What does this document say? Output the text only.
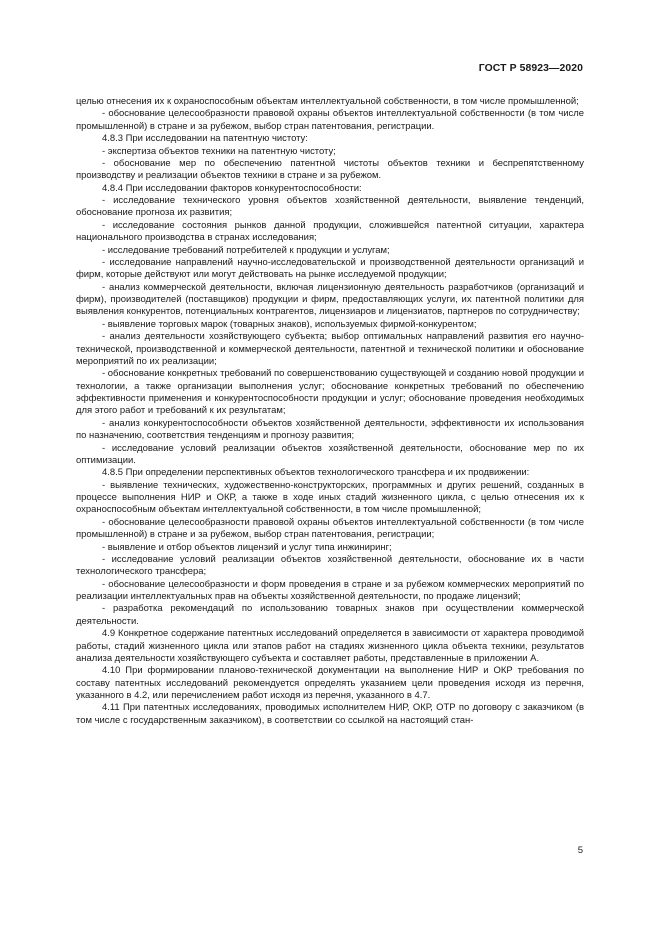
ГОСТ Р 58923—2020

целью отнесения их к охраноспособным объектам интеллектуальной собственности, в том числе промышленной;

- обоснование целесообразности правовой охраны объектов интеллектуальной собственности (в том числе промышленной) в стране и за рубежом, выбор стран патентования, регистрации.

4.8.3 При исследовании на патентную чистоту:

- экспертиза объектов техники на патентную чистоту;

- обоснование мер по обеспечению патентной чистоты объектов техники и беспрепятственному производству и реализации объектов техники в стране и за рубежом.

4.8.4 При исследовании факторов конкурентоспособности:

- исследование технического уровня объектов хозяйственной деятельности, выявление тенденций, обоснование прогноза их развития;

- исследование состояния рынков данной продукции, сложившейся патентной ситуации, характера национального производства в странах исследования;

- исследование требований потребителей к продукции и услугам;

- исследование направлений научно-исследовательской и производственной деятельности организаций и фирм, которые действуют или могут действовать на рынке исследуемой продукции;

- анализ коммерческой деятельности, включая лицензионную деятельность разработчиков (организаций и фирм), производителей (поставщиков) продукции и фирм, предоставляющих услуги, их патентной политики для выявления конкурентов, потенциальных контрагентов, лицензиаров и лицензиатов, партнеров по сотрудничеству;

- выявление торговых марок (товарных знаков), используемых фирмой-конкурентом;

- анализ деятельности хозяйствующего субъекта; выбор оптимальных направлений развития его научно-технической, производственной и коммерческой деятельности, патентной и технической политики и обоснование мероприятий по их реализации;

- обоснование конкретных требований по совершенствованию существующей и созданию новой продукции и технологии, а также организации выполнения услуг; обоснование конкретных требований по обеспечению эффективности применения и конкурентоспособности продукции и услуг; обоснование проведения необходимых для этого работ и требований к их результатам;

- анализ конкурентоспособности объектов хозяйственной деятельности, эффективности их использования по назначению, соответствия тенденциям и прогнозу развития;

- исследование условий реализации объектов хозяйственной деятельности, обоснование мер по их оптимизации.

4.8.5 При определении перспективных объектов технологического трансфера и их продвижении:

- выявление технических, художественно-конструкторских, программных и других решений, созданных в процессе выполнения НИР и ОКР, а также в ходе иных стадий жизненного цикла, с целью отнесения их к охраноспособным объектам интеллектуальной собственности, в том числе промышленной;

- обоснование целесообразности правовой охраны объектов интеллектуальной собственности (в том числе промышленной) в стране и за рубежом, выбор стран патентования, регистрации;

- выявление и отбор объектов лицензий и услуг типа инжиниринг;

- исследование условий реализации объектов хозяйственной деятельности, обоснование их в части технологического трансфера;

- обоснование целесообразности и форм проведения в стране и за рубежом коммерческих мероприятий по реализации интеллектуальных прав на объекты хозяйственной деятельности, по продаже лицензий;

- разработка рекомендаций по использованию товарных знаков при осуществлении коммерческой деятельности.

4.9 Конкретное содержание патентных исследований определяется в зависимости от характера проводимой работы, стадий жизненного цикла или этапов работ на стадиях жизненного цикла объекта техники, результатов анализа деятельности хозяйствующего субъекта и составляет работы, представленные в приложении А.

4.10 При формировании планово-технической документации на выполнение НИР и ОКР требования по составу патентных исследований рекомендуется определять указанием цели проведения исходя из перечня, указанного в 4.2, или перечислением работ исходя из перечня, указанного в 4.7.

4.11 При патентных исследованиях, проводимых исполнителем НИР, ОКР, ОТР по договору с заказчиком (в том числе с государственным заказчиком), в соответствии со ссылкой на настоящий стан-

5
